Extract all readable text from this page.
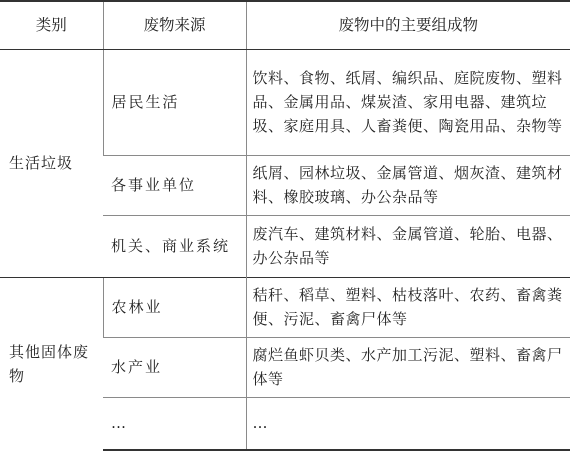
类别	废物来源	废物中的主要组成物
生活垃圾	居民生活	饮料、食物、纸屑、编织品、庭院废物、塑料品、金属用品、煤炭渣、家用电器、建筑垃圾、家庭用具、人畜粪便、陶瓷用品、杂物等
	各事业单位	纸屑、园林垃圾、金属管道、烟灰渣、建筑材料、橡胶玻璃、办公杂品等
	机关、商业系统	废汽车、建筑材料、金属管道、轮胎、电器、办公杂品等
其他固体废物	农林业	秸秆、稻草、塑料、枯枝落叶、农药、畜禽粪便、污泥、畜禽尸体等
	水产业	腐烂鱼虾贝类、水产加工污泥、塑料、畜禽尸体等
	…	…
